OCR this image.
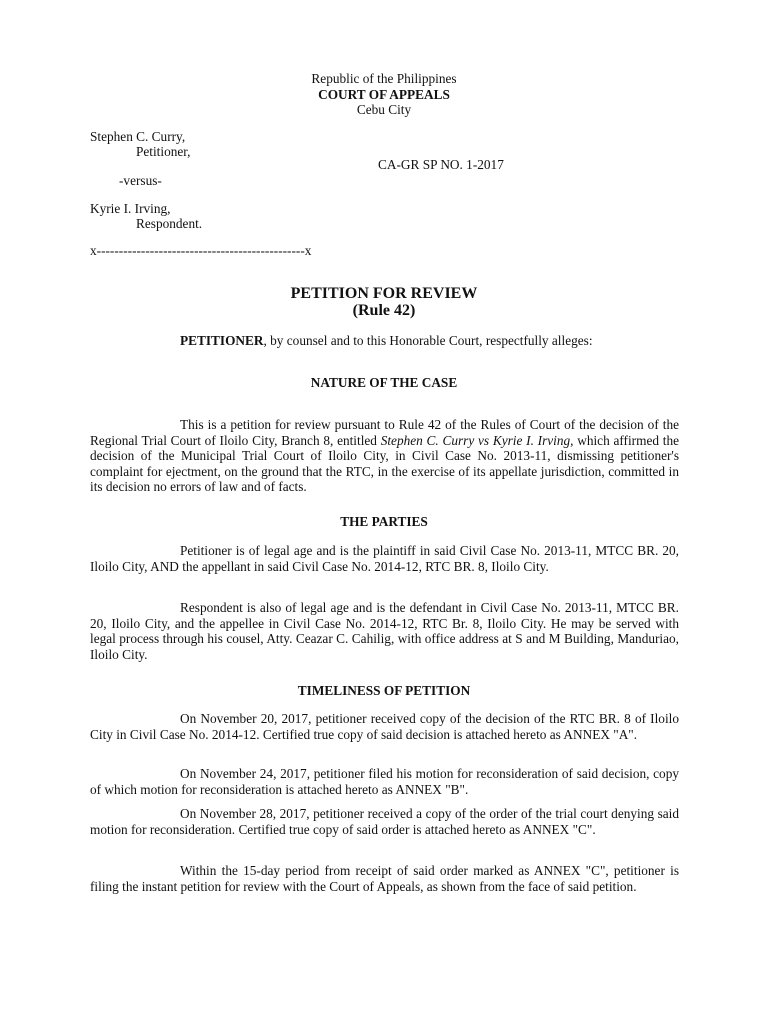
Republic of the Philippines
COURT OF APPEALS
Cebu City
Stephen C. Curry,
Petitioner,
CA-GR SP NO. 1-2017
-versus-
Kyrie I. Irving,
Respondent.
x-----------------------------------------------x
PETITION FOR REVIEW
(Rule 42)
PETITIONER, by counsel and to this Honorable Court, respectfully alleges:
NATURE OF THE CASE
This is a petition for review pursuant to Rule 42 of the Rules of Court of the decision of the Regional Trial Court of Iloilo City, Branch 8, entitled Stephen C. Curry vs Kyrie I. Irving, which affirmed the decision of the Municipal Trial Court of Iloilo City, in Civil Case No. 2013-11, dismissing petitioner's complaint for ejectment, on the ground that the RTC, in the exercise of its appellate jurisdiction, committed in its decision no errors of law and of facts.
THE PARTIES
Petitioner is of legal age and is the plaintiff in said Civil Case No. 2013-11, MTCC BR. 20, Iloilo City, AND the appellant in said Civil Case No. 2014-12, RTC BR. 8, Iloilo City.
Respondent is also of legal age and is the defendant in Civil Case No. 2013-11, MTCC BR. 20, Iloilo City, and the appellee in Civil Case No. 2014-12, RTC Br. 8, Iloilo City. He may be served with legal process through his cousel, Atty. Ceazar C. Cahilig, with office address at S and M Building, Manduriao, Iloilo City.
TIMELINESS OF PETITION
On November 20, 2017, petitioner received copy of the decision of the RTC BR. 8 of Iloilo City in Civil Case No. 2014-12. Certified true copy of said decision is attached hereto as ANNEX "A".
On November 24, 2017, petitioner filed his motion for reconsideration of said decision, copy of which motion for reconsideration is attached hereto as ANNEX "B".
On November 28, 2017, petitioner received a copy of the order of the trial court denying said motion for reconsideration. Certified true copy of said order is attached hereto as ANNEX "C".
Within the 15-day period from receipt of said order marked as ANNEX "C", petitioner is filing the instant petition for review with the Court of Appeals, as shown from the face of said petition.
